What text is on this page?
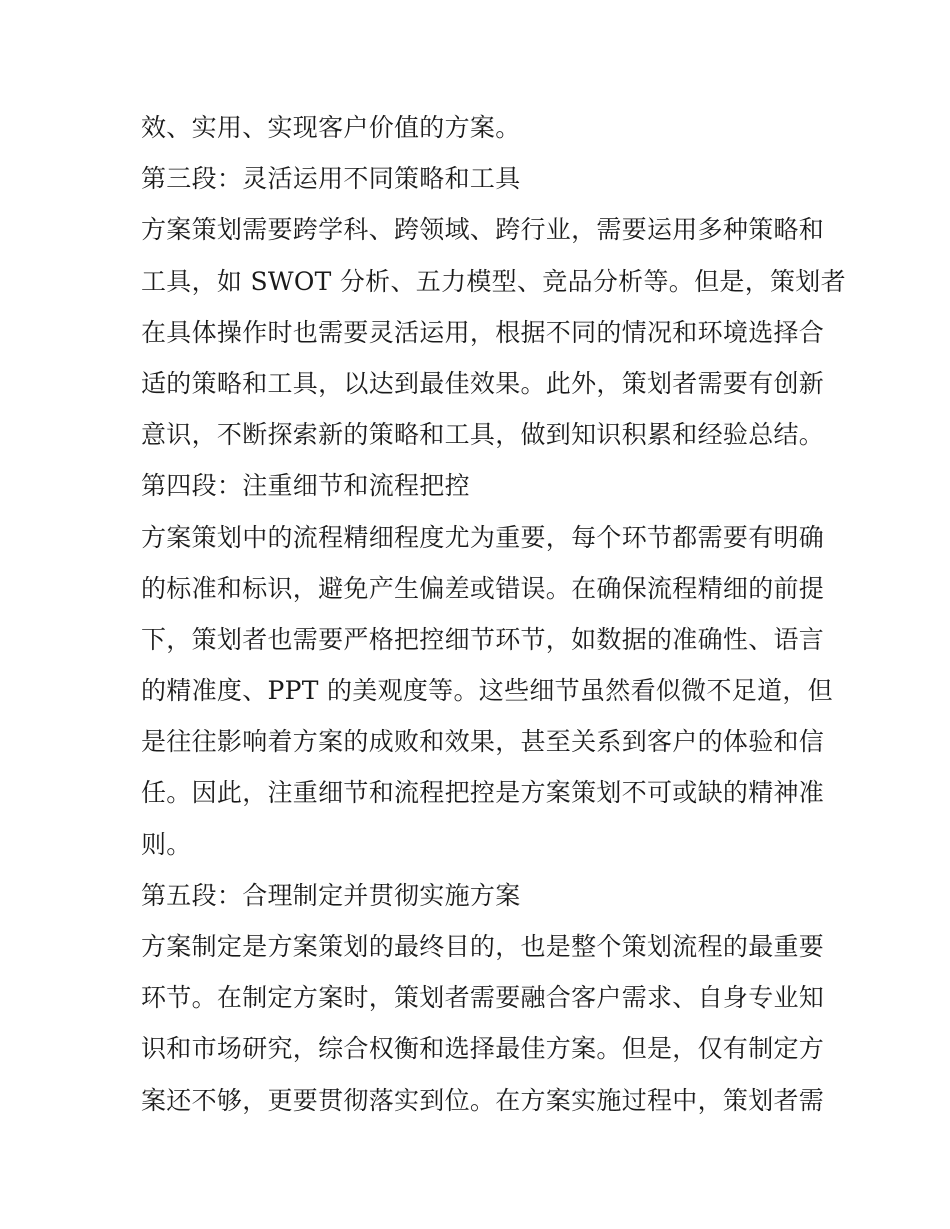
效、实用、实现客户价值的方案。
第三段：灵活运用不同策略和工具
方案策划需要跨学科、跨领域、跨行业，需要运用多种策略和
工具，如 SWOT 分析、五力模型、竞品分析等。但是，策划者
在具体操作时也需要灵活运用，根据不同的情况和环境选择合
适的策略和工具，以达到最佳效果。此外，策划者需要有创新
意识，不断探索新的策略和工具，做到知识积累和经验总结。
第四段：注重细节和流程把控
方案策划中的流程精细程度尤为重要，每个环节都需要有明确
的标准和标识，避免产生偏差或错误。在确保流程精细的前提
下，策划者也需要严格把控细节环节，如数据的准确性、语言
的精准度、PPT 的美观度等。这些细节虽然看似微不足道，但
是往往影响着方案的成败和效果，甚至关系到客户的体验和信
任。因此，注重细节和流程把控是方案策划不可或缺的精神准
则。
第五段：合理制定并贯彻实施方案
方案制定是方案策划的最终目的，也是整个策划流程的最重要
环节。在制定方案时，策划者需要融合客户需求、自身专业知
识和市场研究，综合权衡和选择最佳方案。但是，仅有制定方
案还不够，更要贯彻落实到位。在方案实施过程中，策划者需
